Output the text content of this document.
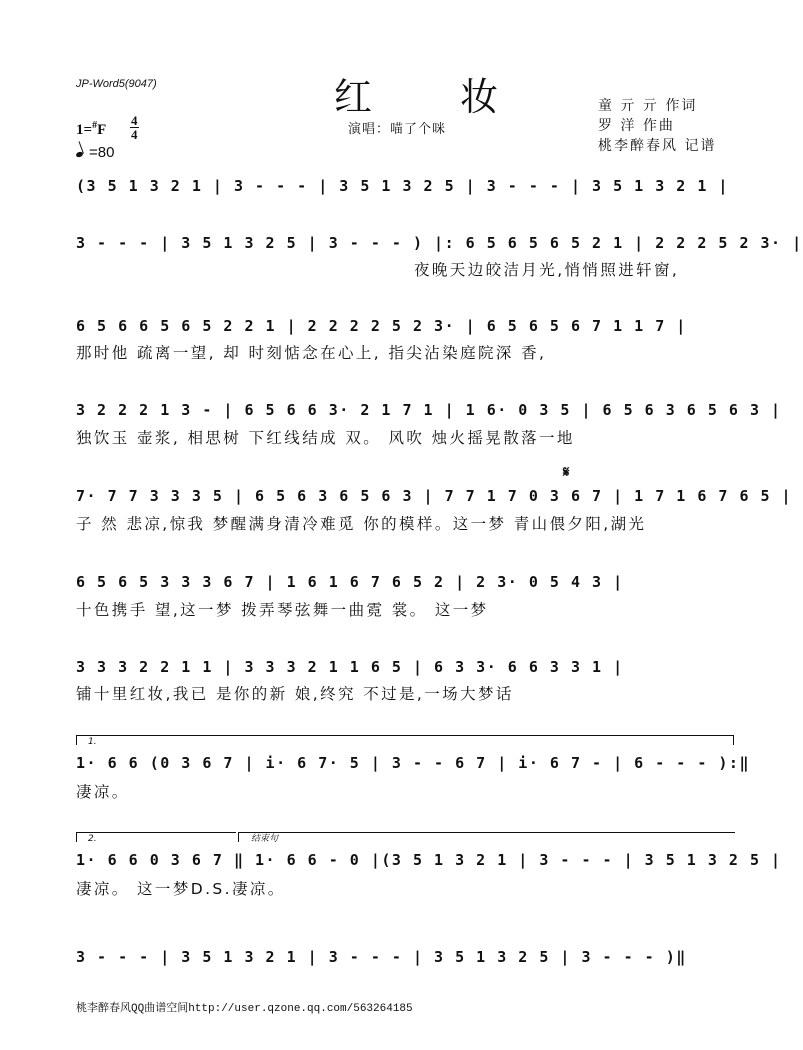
JP-Word5(9047)	红 妆
演唱：喵了个咪
童 亓 亓 作词
罗 洋 作曲
桃李醉春风 记谱
$1=^{\#}F \frac{4}{4}$
=80
(3 5 1 3 2 1 | 3 - - - | 3 5 1 3 2 5 | 3 - - - | 3 5 1 3 2 1 |
3 - - - | 3 5 1 3 2 5 | 3 - - - ) |: 6 5 6 5 6 5 2 1 | 2 2 2 5 2 3· |
夜晚天边皎洁月光,悄悄照进轩窗,
6 5 6 6 5 6 5 2 2 1 | 2 2 2 2 5 2 3· | 6 5 6 5 6 7 1 1 7 |
那时他 疏离一望, 却 时刻惦念在心上, 指尖沾染庭院深 香,
3 2 2 2 1 3 - | 6 5 6 6 3· 2 1 7 1 | 1 6· 0 3 5 | 6 5 6 3 6 5 6 3 |
独饮玉 壶浆, 相思树 下红线结成 双。 风吹 烛火摇晃散落一地
𝄋
7· 7 7 3 3 3 5 | 6 5 6 3 6 5 6 3 | 7 7 1 7 0 3 6 7 | 1 7 1 6 7 6 5 |
子 然 悲凉,惊我 梦醒满身清冷难觅 你的模样。这一梦 青山偎夕阳,湖光
6 5 6 5 3 3 3 6 7 | 1 6 1 6 7 6 5 2 | 2 3· 0 5 4 3 |
十色携手 望,这一梦 拨弄琴弦舞一曲霓 裳。 这一梦
3 3 3 2 2 1 1 | 3 3 3 2 1 1 6 5 | 6 3 3· 6 6 3 3 1 |
铺十里红妆,我已 是你的新 娘,终究 不过是,一场大梦话
1.
1· 6 6 (0 3 6 7 | i· 6 7· 5 | 3 - - 6 7 | i· 6 7 - | 6 - - - ):‖
凄凉。
2.	结束句
1· 6 6 0 3 6 7 ‖ 1· 6 6 - 0 |(3 5 1 3 2 1 | 3 - - - | 3 5 1 3 2 5 |
凄凉。 这一梦D.S.凄凉。
3 - - - | 3 5 1 3 2 1 | 3 - - - | 3 5 1 3 2 5 | 3 - - - )‖
桃李醉春风QQ曲谱空间http://user.qzone.qq.com/563264185
